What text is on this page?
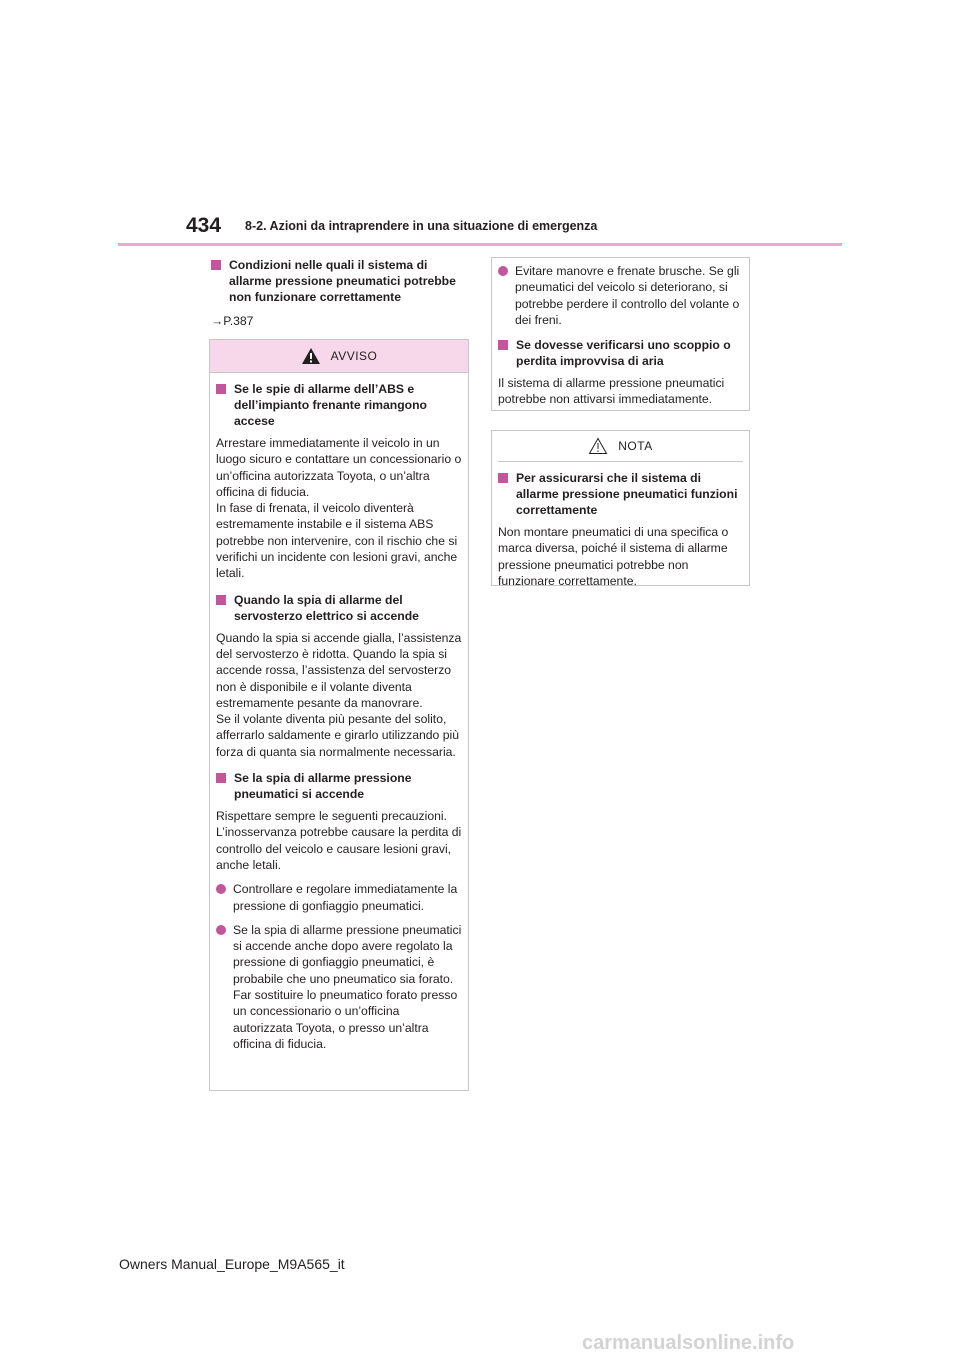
434 8-2. Azioni da intraprendere in una situazione di emergenza
Condizioni nelle quali il sistema di allarme pressione pneumatici potrebbe non funzionare correttamente
→P.387
AVVISO
Se le spie di allarme dell’ABS e dell’impianto frenante rimangono accese
Arrestare immediatamente il veicolo in un luogo sicuro e contattare un concessionario o un’officina autorizzata Toyota, o un’altra officina di fiducia.
In fase di frenata, il veicolo diventerà estremamente instabile e il sistema ABS potrebbe non intervenire, con il rischio che si verifichi un incidente con lesioni gravi, anche letali.
Quando la spia di allarme del servosterzo elettrico si accende
Quando la spia si accende gialla, l’assistenza del servosterzo è ridotta. Quando la spia si accende rossa, l’assistenza del servosterzo non è disponibile e il volante diventa estremamente pesante da manovrare.
Se il volante diventa più pesante del solito, afferrarlo saldamente e girarlo utilizzando più forza di quanta sia normalmente necessaria.
Se la spia di allarme pressione pneumatici si accende
Rispettare sempre le seguenti precauzioni.
L’inosservanza potrebbe causare la perdita di controllo del veicolo e causare lesioni gravi, anche letali.
Controllare e regolare immediatamente la pressione di gonfiaggio pneumatici.
Se la spia di allarme pressione pneumatici si accende anche dopo avere regolato la pressione di gonfiaggio pneumatici, è probabile che uno pneumatico sia forato. Far sostituire lo pneumatico forato presso un concessionario o un’officina autorizzata Toyota, o presso un’altra officina di fiducia.
Evitare manovre e frenate brusche. Se gli pneumatici del veicolo si deteriorano, si potrebbe perdere il controllo del volante o dei freni.
Se dovesse verificarsi uno scoppio o perdita improvvisa di aria
Il sistema di allarme pressione pneumatici potrebbe non attivarsi immediatamente.
NOTA
Per assicurarsi che il sistema di allarme pressione pneumatici funzioni correttamente
Non montare pneumatici di una specifica o marca diversa, poiché il sistema di allarme pressione pneumatici potrebbe non funzionare correttamente.
Owners Manual_Europe_M9A565_it
carmanualsonline.info
